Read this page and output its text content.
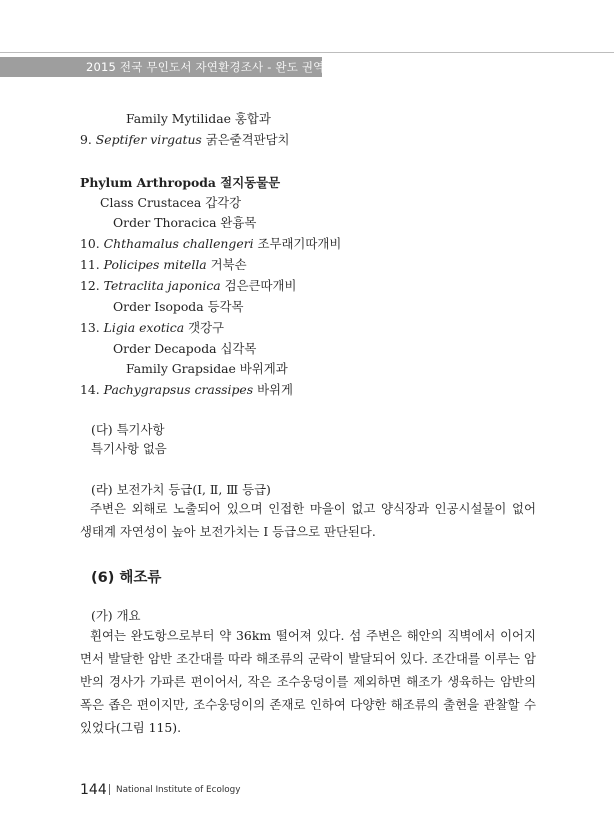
2015 전국 무인도서 자연환경조사 - 완도 권역
Family Mytilidae 홍합과
9. Septifer virgatus 굵은줄격판담치
Phylum Arthropoda 절지동물문
Class Crustacea 갑각강
Order Thoracica 완흉목
10. Chthamalus challengeri 조무래기따개비
11. Policipes mitella 거북손
12. Tetraclita japonica 검은큰따개비
Order Isopoda 등각목
13. Ligia exotica 갯강구
Order Decapoda 십각목
Family Grapsidae 바위게과
14. Pachygrapsus crassipes 바위게
(다) 특기사항
특기사항 없음
(라) 보전가치 등급(Ⅰ, Ⅱ, Ⅲ 등급)

주변은 외해로 노출되어 있으며 인접한 마을이 없고 양식장과 인공시설물이 없어 생태계 자연성이 높아 보전가치는 Ⅰ 등급으로 판단된다.

(6) 해조류
(가) 개요

휜여는 완도항으로부터 약 36km 떨어져 있다. 섬 주변은 해안의 직벽에서 이어지면서 발달한 암반 조간대를 따라 해조류의 군락이 발달되어 있다. 조간대를 이루는 암반의 경사가 가파른 편이어서, 작은 조수웅덩이를 제외하면 해조가 생육하는 암반의 폭은 좁은 편이지만, 조수웅덩이의 존재로 인하여 다양한 해조류의 출현을 관찰할 수 있었다(그림 115).

144 National Institute of Ecology
